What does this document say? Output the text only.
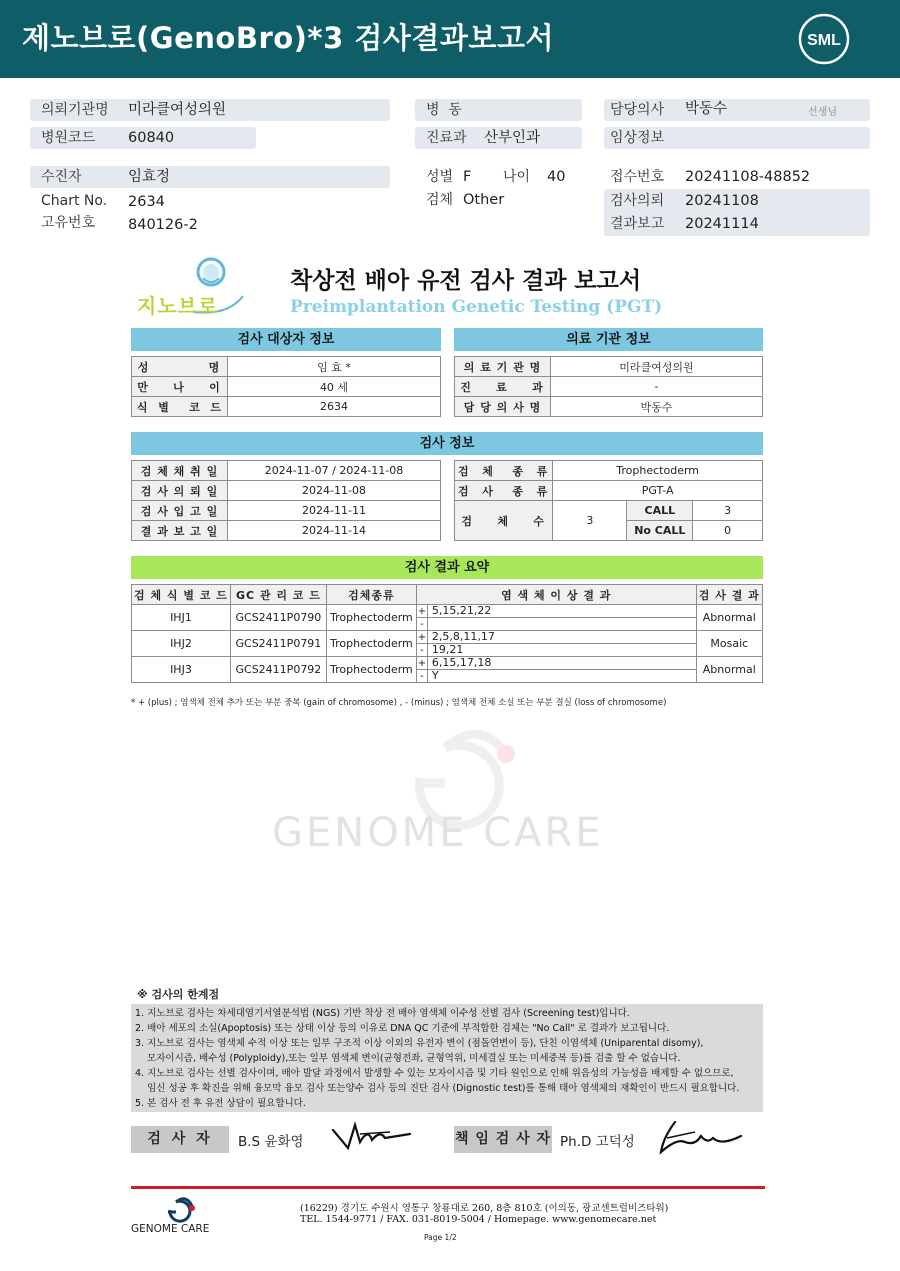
제노브로(GenoBro)*3 검사결과보고서	SML
의뢰기관명 미라클여성의원
병원코드 60840
수진자	임효정
Chart No. 2634
고유번호 840126-2
병  동
진료과 산부인과
성별 F 나이 40
검체 Other
담당의사 박동수	선생님
임상정보
접수번호 20241108-48852
검사의뢰 20241108
결과보고 20241114
지노브로
착상전 배아 유전 검사 결과 보고서
Preimplantation Genetic Testing (PGT)
검사 대상자 정보
성          명	임 효 *
만    나    이	40 세
식  별    코  드	2634
의료 기관 정보
의 료 기 관 명	미라클여성의원
진    료    과	-
담 당 의 사 명	박동수
검사 정보
검 체 채 취 일	2024-11-07 / 2024-11-08
검 사 의 뢰 일	2024-11-08
검 사 입 고 일	2024-11-11
결 과 보 고 일	2024-11-14
검  체   종  류	Trophectoderm		
검  사   종  류	PGT-A		
검    체    수	3	CALL	3
		No CALL	0
검사 결과 요약
검 체 식 별 코 드	GC 관 리 코 드	검체종류	염 색 체 이 상 결 과		검 사 결 과
IHJ1	GCS2411P0790	Trophectoderm	+	5,15,21,22	Abnormal
			-		
IHJ2	GCS2411P0791	Trophectoderm	+	2,5,8,11,17	Mosaic
			-	19,21	
IHJ3	GCS2411P0792	Trophectoderm	+	6,15,17,18	Abnormal
			-	Y	
* + (plus) ; 염색체 전체 추가 또는 부분 중복 (gain of chromosome) , - (minus) ; 염색체 전체 소실 또는 부분 결실 (loss of chromosome)
GENOME CARE
※ 검사의 한계점
1. 지노브로 검사는 차세대염기서열분석법 (NGS) 기반 착상 전 배아 염색체 이수성 선별 검사 (Screening test)입니다.
2. 배아 세포의 소실(Apoptosis) 또는 상태 이상 등의 이유로 DNA QC 기준에 부적합한 검체는 "No Call" 로 결과가 보고됩니다.
3. 지노브로 검사는 염색체 수적 이상 또는 일부 구조적 이상 이외의 유전자 변이 (점돌연변이 등), 단친 이염색체 (Uniparental disomy),
모자이시즘, 배수성 (Polyploidy),또는 일부 염색체 변이(균형전좌, 균형역위, 미세결실 또는 미세중복 등)를 검출 할 수 없습니다.
4. 지노브로 검사는 선별 검사이며, 배아 발달 과정에서 발생할 수 있는 모자이시즘 및 기타 원인으로 인해 위음성의 가능성을 배제할 수 없으므로,
임신 성공 후 확진을 위해 융모막 융모 검사 또는양수 검사 등의 진단 검사 (Dignostic test)를 통해 태아 염색체의 재확인이 반드시 필요합니다.
5. 본 검사 전 후 유전 상담이 필요합니다.
검 사 자	B.S 윤화영	책 임 검 사 자 Ph.D 고덕성
GENOME CARE
(16229) 경기도 수원시 영통구 창룡대로 260, 8층 810호 (이의동, 광교센트럴비즈타워)
TEL. 1544-9771 / FAX. 031-8019-5004 / Homepage. www.genomecare.net
Page 1/2
